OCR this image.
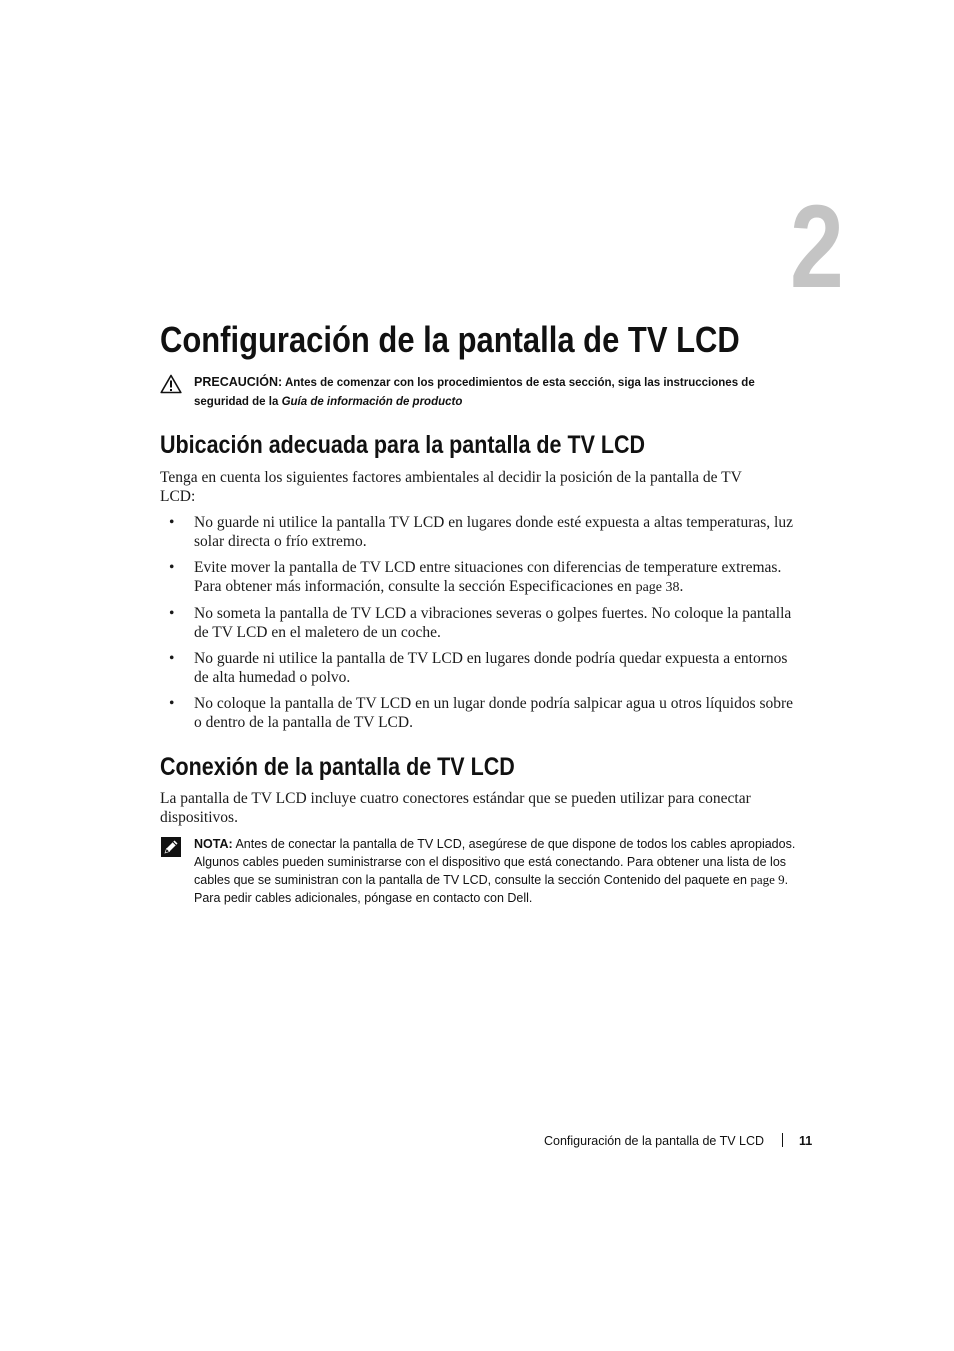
2
Configuración de la pantalla de TV LCD
PRECAUCIÓN: Antes de comenzar con los procedimientos de esta sección, siga las instrucciones de seguridad de la Guía de información de producto
Ubicación adecuada para la pantalla de TV LCD

Tenga en cuenta los siguientes factores ambientales al decidir la posición de la pantalla de TV LCD:

• No guarde ni utilice la pantalla TV LCD en lugares donde esté expuesta a altas temperaturas, luz solar directa o frío extremo.
• Evite mover la pantalla de TV LCD entre situaciones con diferencias de temperature extremas. Para obtener más información, consulte la sección Especificaciones en page 38.
• No someta la pantalla de TV LCD a vibraciones severas o golpes fuertes. No coloque la pantalla de TV LCD en el maletero de un coche.
• No guarde ni utilice la pantalla de TV LCD en lugares donde podría quedar expuesta a entornos de alta humedad o polvo.
• No coloque la pantalla de TV LCD en un lugar donde podría salpicar agua u otros líquidos sobre o dentro de la pantalla de TV LCD.
Conexión de la pantalla de TV LCD

La pantalla de TV LCD incluye cuatro conectores estándar que se pueden utilizar para conectar dispositivos.

NOTA: Antes de conectar la pantalla de TV LCD, asegúrese de que dispone de todos los cables apropiados. Algunos cables pueden suministrarse con el dispositivo que está conectando. Para obtener una lista de los cables que se suministran con la pantalla de TV LCD, consulte la sección Contenido del paquete en page 9. Para pedir cables adicionales, póngase en contacto con Dell.
Configuración de la pantalla de TV LCD	11
